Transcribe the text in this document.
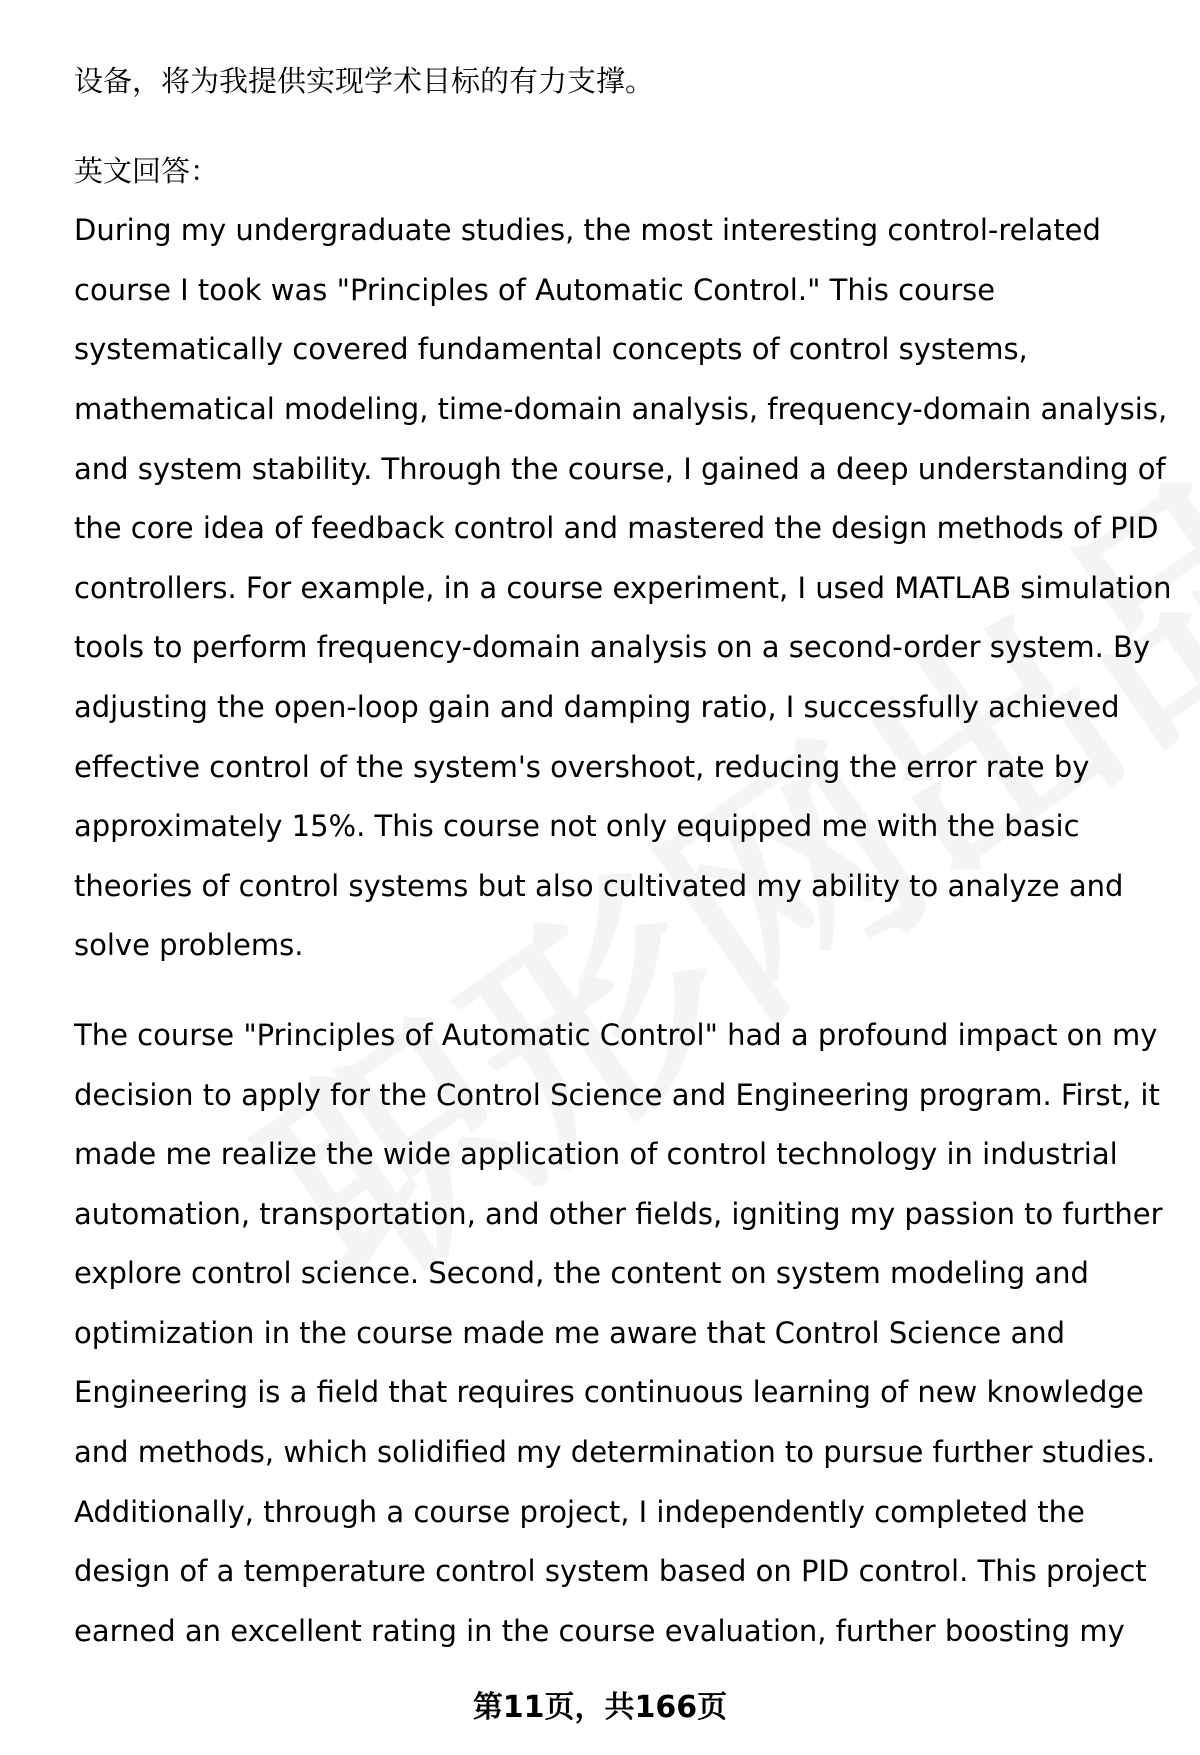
设备，将为我提供实现学术目标的有力支撑。
英文回答：
During my undergraduate studies, the most interesting control-related
course I took was "Principles of Automatic Control." This course
systematically covered fundamental concepts of control systems,
mathematical modeling, time-domain analysis, frequency-domain analysis,
and system stability. Through the course, I gained a deep understanding of
the core idea of feedback control and mastered the design methods of PID
controllers. For example, in a course experiment, I used MATLAB simulation
tools to perform frequency-domain analysis on a second-order system. By
adjusting the open-loop gain and damping ratio, I successfully achieved
effective control of the system's overshoot, reducing the error rate by
approximately 15%. This course not only equipped me with the basic
theories of control systems but also cultivated my ability to analyze and
solve problems.
The course "Principles of Automatic Control" had a profound impact on my
decision to apply for the Control Science and Engineering program. First, it
made me realize the wide application of control technology in industrial
automation, transportation, and other fields, igniting my passion to further
explore control science. Second, the content on system modeling and
optimization in the course made me aware that Control Science and
Engineering is a field that requires continuous learning of new knowledge
and methods, which solidified my determination to pursue further studies.
Additionally, through a course project, I independently completed the
design of a temperature control system based on PID control. This project
earned an excellent rating in the course evaluation, further boosting my
第11页，共166页
